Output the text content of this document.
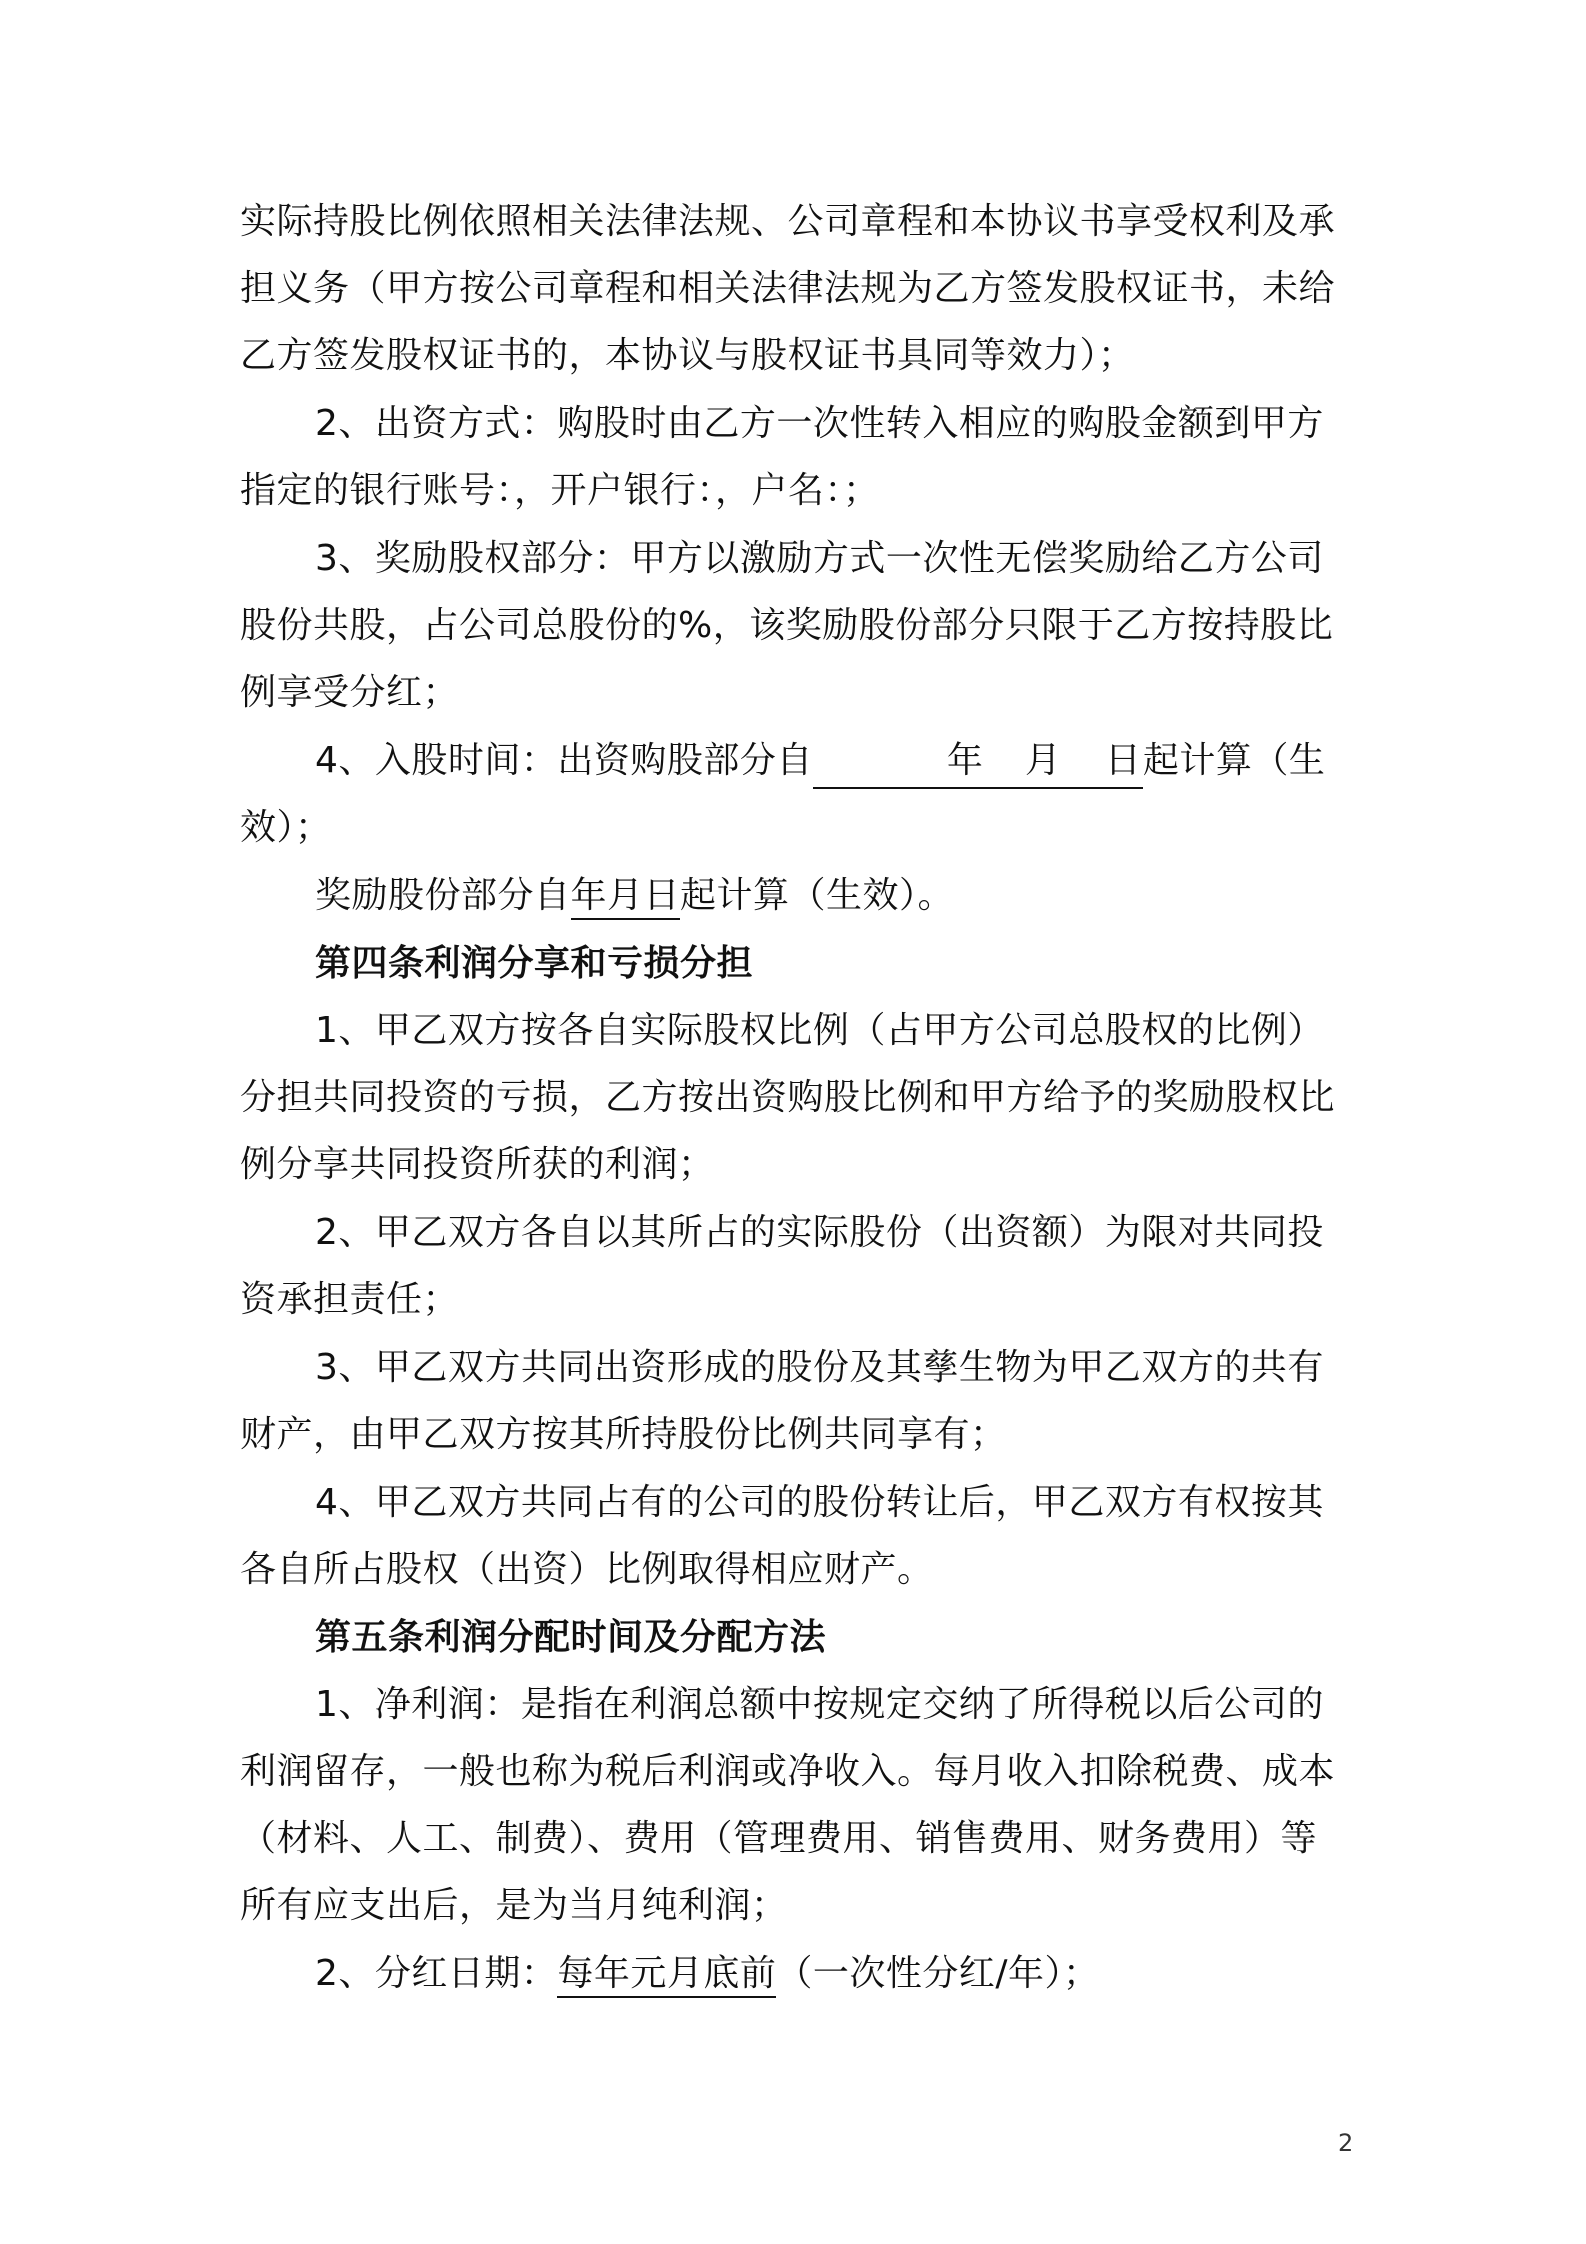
实际持股比例依照相关法律法规、公司章程和本协议书享受权利及承
担义务（甲方按公司章程和相关法律法规为乙方签发股权证书，未给
乙方签发股权证书的，本协议与股权证书具同等效力）；
2、出资方式：购股时由乙方一次性转入相应的购股金额到甲方
指定的银行账号：，开户银行：，户名：；
3、奖励股权部分：甲方以激励方式一次性无偿奖励给乙方公司
股份共股，占公司总股份的%，该奖励股份部分只限于乙方按持股比
例享受分红；
4、入股时间：出资购股部分自	年 月 日 起计算（生
效）；
奖励股份部分自年月日起计算（生效）。
第四条利润分享和亏损分担
1、甲乙双方按各自实际股权比例（占甲方公司总股权的比例）
分担共同投资的亏损，乙方按出资购股比例和甲方给予的奖励股权比
例分享共同投资所获的利润；
2、甲乙双方各自以其所占的实际股份（出资额）为限对共同投
资承担责任；
3、甲乙双方共同出资形成的股份及其孳生物为甲乙双方的共有
财产，由甲乙双方按其所持股份比例共同享有；
4、甲乙双方共同占有的公司的股份转让后，甲乙双方有权按其
各自所占股权（出资）比例取得相应财产。
第五条利润分配时间及分配方法
1、净利润：是指在利润总额中按规定交纳了所得税以后公司的
利润留存，一般也称为税后利润或净收入。每月收入扣除税费、成本
（材料、人工、制费）、费用（管理费用、销售费用、财务费用）等
所有应支出后，是为当月纯利润；
2、分红日期：每年元月底前（一次性分红/年）；
2
